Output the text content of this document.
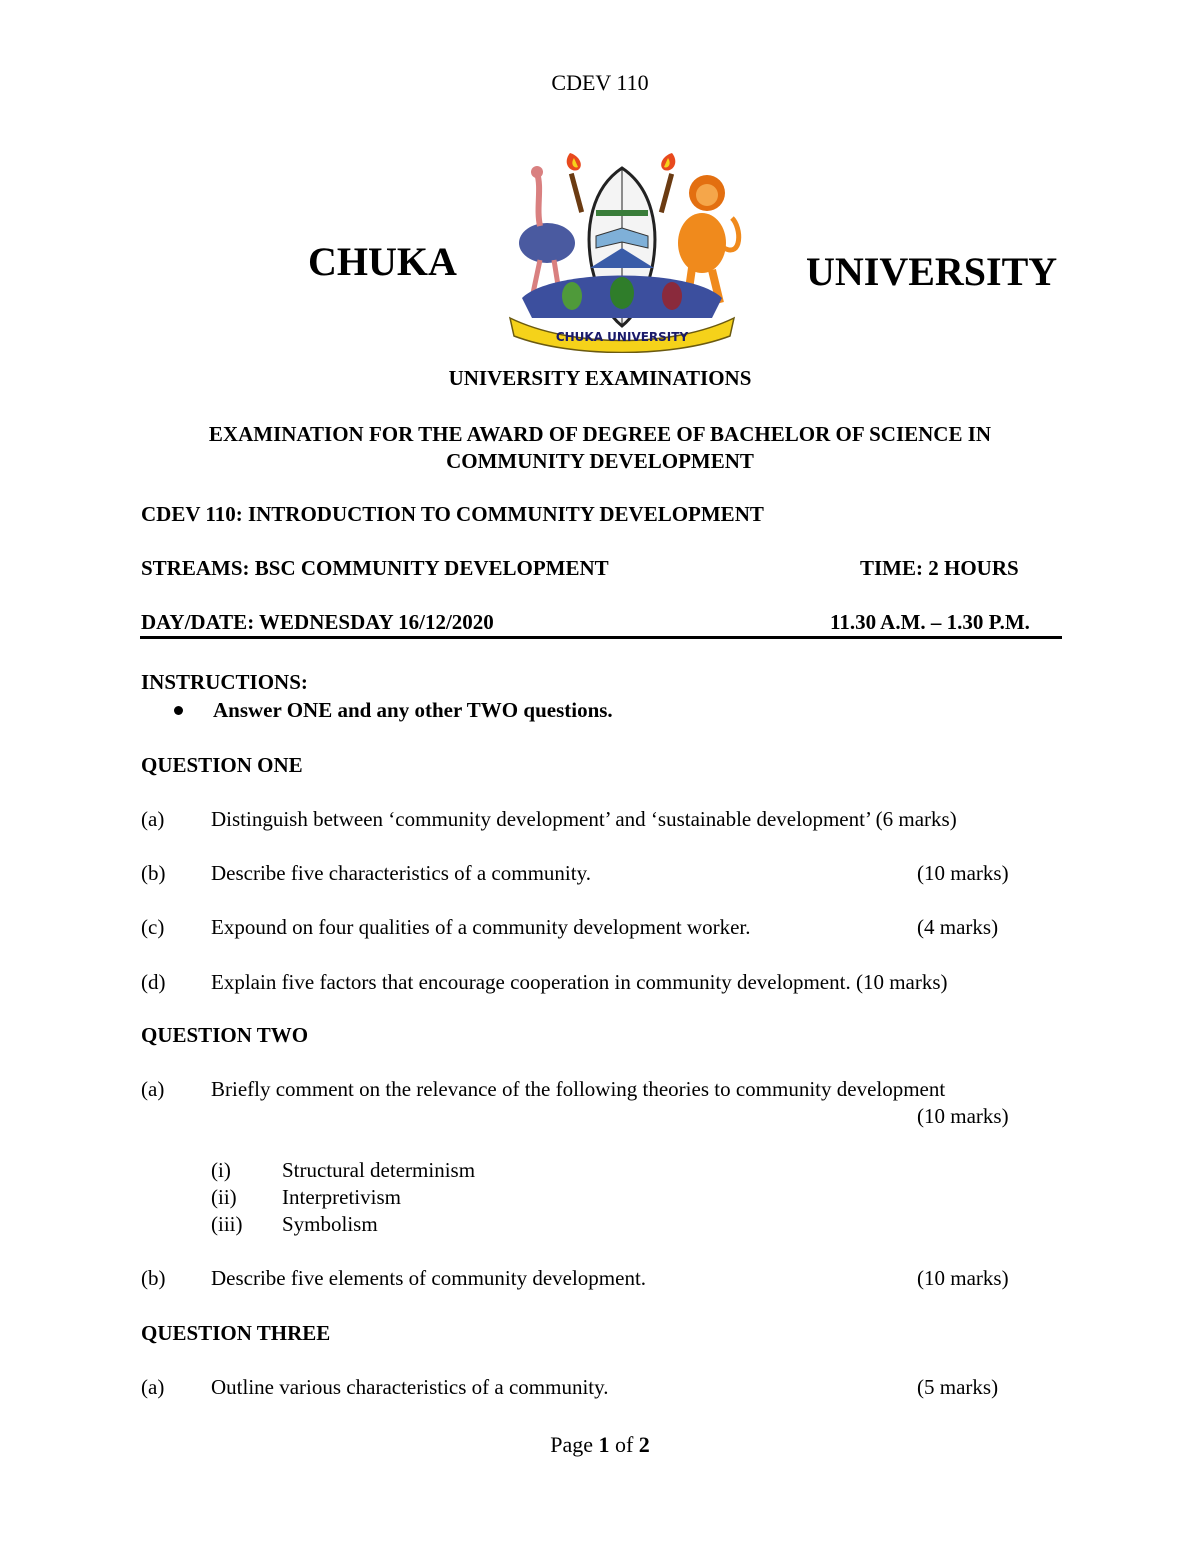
CDEV 110
CHUKA	UNIVERSITY
CHUKA UNIVERSITY
UNIVERSITY EXAMINATIONS
EXAMINATION FOR THE AWARD OF DEGREE OF BACHELOR OF SCIENCE IN
COMMUNITY DEVELOPMENT
CDEV 110: INTRODUCTION TO COMMUNITY DEVELOPMENT
STREAMS: BSC COMMUNITY DEVELOPMENT	TIME: 2 HOURS
DAY/DATE: WEDNESDAY 16/12/2020	11.30 A.M. – 1.30 P.M.
INSTRUCTIONS:
Answer ONE and any other TWO questions.
QUESTION ONE
(a) Distinguish between ‘community development’ and ‘sustainable development’ (6 marks)
(b) Describe five characteristics of a community.	(10 marks)
(c) Expound on four qualities of a community development worker.	(4 marks)
(d) Explain five factors that encourage cooperation in community development. (10 marks)
QUESTION TWO
(a) Briefly comment on the relevance of the following theories to community development
(10 marks)
(i) Structural determinism
(ii) Interpretivism
(iii) Symbolism
(b) Describe five elements of community development.	(10 marks)
QUESTION THREE
(a) Outline various characteristics of a community.	(5 marks)
Page 1 of 2
